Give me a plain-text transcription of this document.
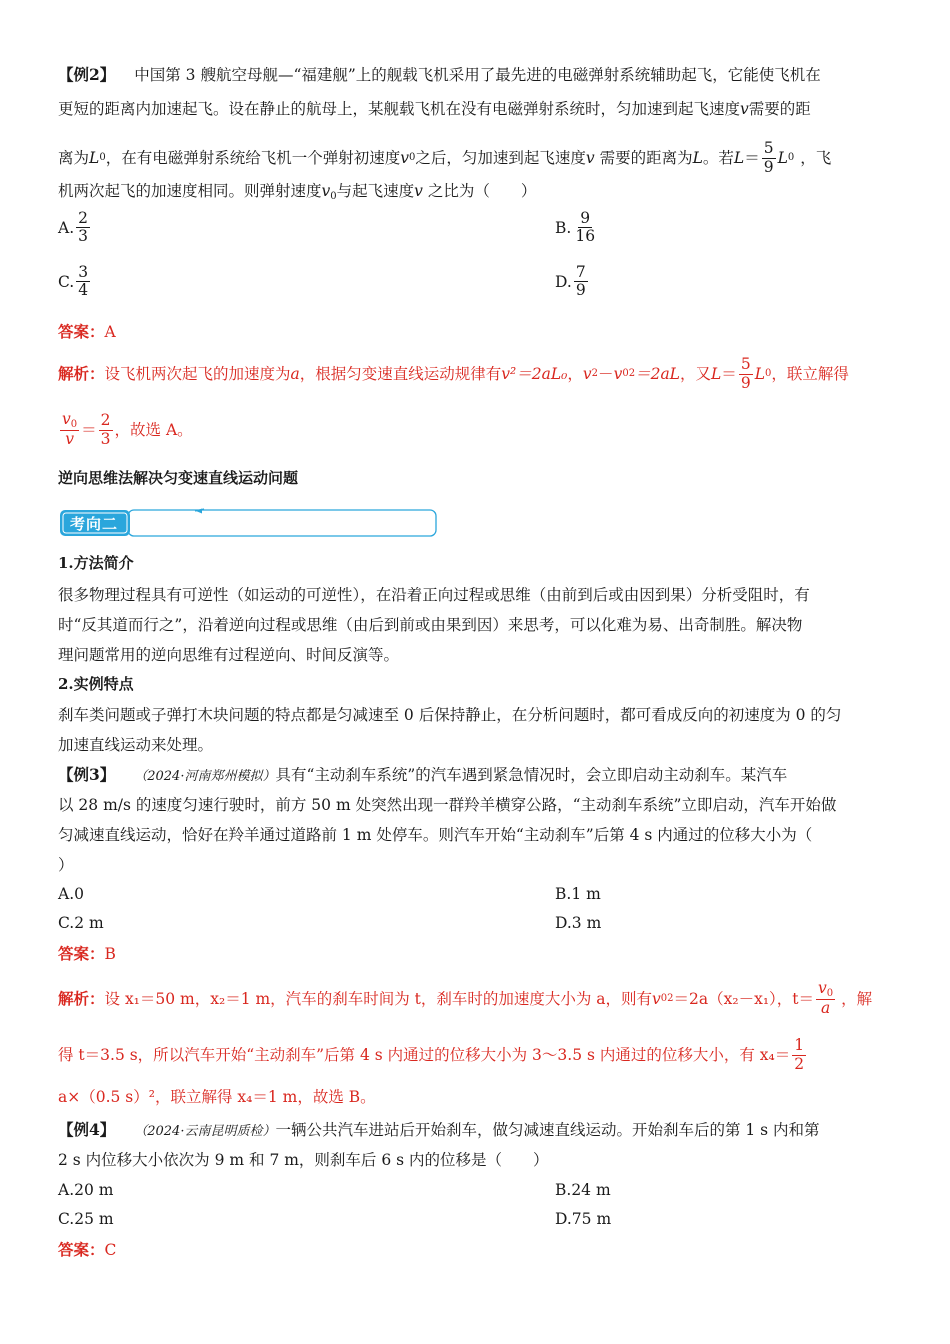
【例2】 中国第 3 艘航空母舰—“福建舰”上的舰载飞机采用了最先进的电磁弹射系统辅助起飞，它能使飞机在
更短的距离内加速起飞。设在静止的航母上，某舰载飞机在没有电磁弹射系统时，匀加速到起飞速度v需要的距
离为 L 0 ，在有电磁弹射系统给飞机一个弹射初速度 v 0 之后，匀加速到起飞速度 v
需要的距离为 L 。若 $L = \frac{5}{9}$ L 0 ，飞
机两次起飞的加速度相同。则弹射速度$v_0$与起飞速度v 之比为（　　）
A. $\frac{2}{3}$	B. $\frac{9}{16}$
C. $\frac{3}{4}$	D. $\frac{7}{9}$
答案：A
解析： 设飞机两次起飞的加速度为 a ，根据匀变速直线运动规律有 v²＝2aL₀ ， v 2 － v 0 2 ＝2aL ，又 $L = \frac{5}{9}$ L 0 ，联立解得
$\frac{v_0}{v} = \frac{2}{3}$ ，故选 A。
逆向思维法解决匀变速直线运动问题
考向二
1.方法简介
很多物理过程具有可逆性（如运动的可逆性），在沿着正向过程或思维（由前到后或由因到果）分析受阻时，有
时“反其道而行之”，沿着逆向过程或思维（由后到前或由果到因）来思考，可以化难为易、出奇制胜。解决物
理问题常用的逆向思维有过程逆向、时间反演等。
2.实例特点
刹车类问题或子弹打木块问题的特点都是匀减速至 0 后保持静止，在分析问题时，都可看成反向的初速度为 0 的匀
加速直线运动来处理。
【例3】 （2024·河南郑州模拟）具有“主动刹车系统”的汽车遇到紧急情况时，会立即启动主动刹车。某汽车
以 28 m/s 的速度匀速行驶时，前方 50 m 处突然出现一群羚羊横穿公路，“主动刹车系统”立即启动，汽车开始做
匀减速直线运动，恰好在羚羊通过道路前 1 m 处停车。则汽车开始“主动刹车”后第 4 s 内通过的位移大小为（
）
A.0	B.1 m
C.2 m	D.3 m
答案：B
解析： 设 x₁＝50 m，x₂＝1 m，汽车的刹车时间为 t，刹车时的加速度大小为 a，则有 v 0 2 ＝2a（x₂－x₁），$t= \frac{v_0}{a}$ ，解
得 t＝3.5 s，所以汽车开始“主动刹车”后第 4 s 内通过的位移大小为 3～3.5 s 内通过的位移大小，有 $x_4= \frac{1}{2}$
a×（0.5 s）²，联立解得 x₄＝1 m，故选 B。
【例4】 （2024·云南昆明质检）一辆公共汽车进站后开始刹车，做匀减速直线运动。开始刹车后的第 1 s 内和第
2 s 内位移大小依次为 9 m 和 7 m，则刹车后 6 s 内的位移是（　　）
A.20 m	B.24 m
C.25 m	D.75 m
答案：C
